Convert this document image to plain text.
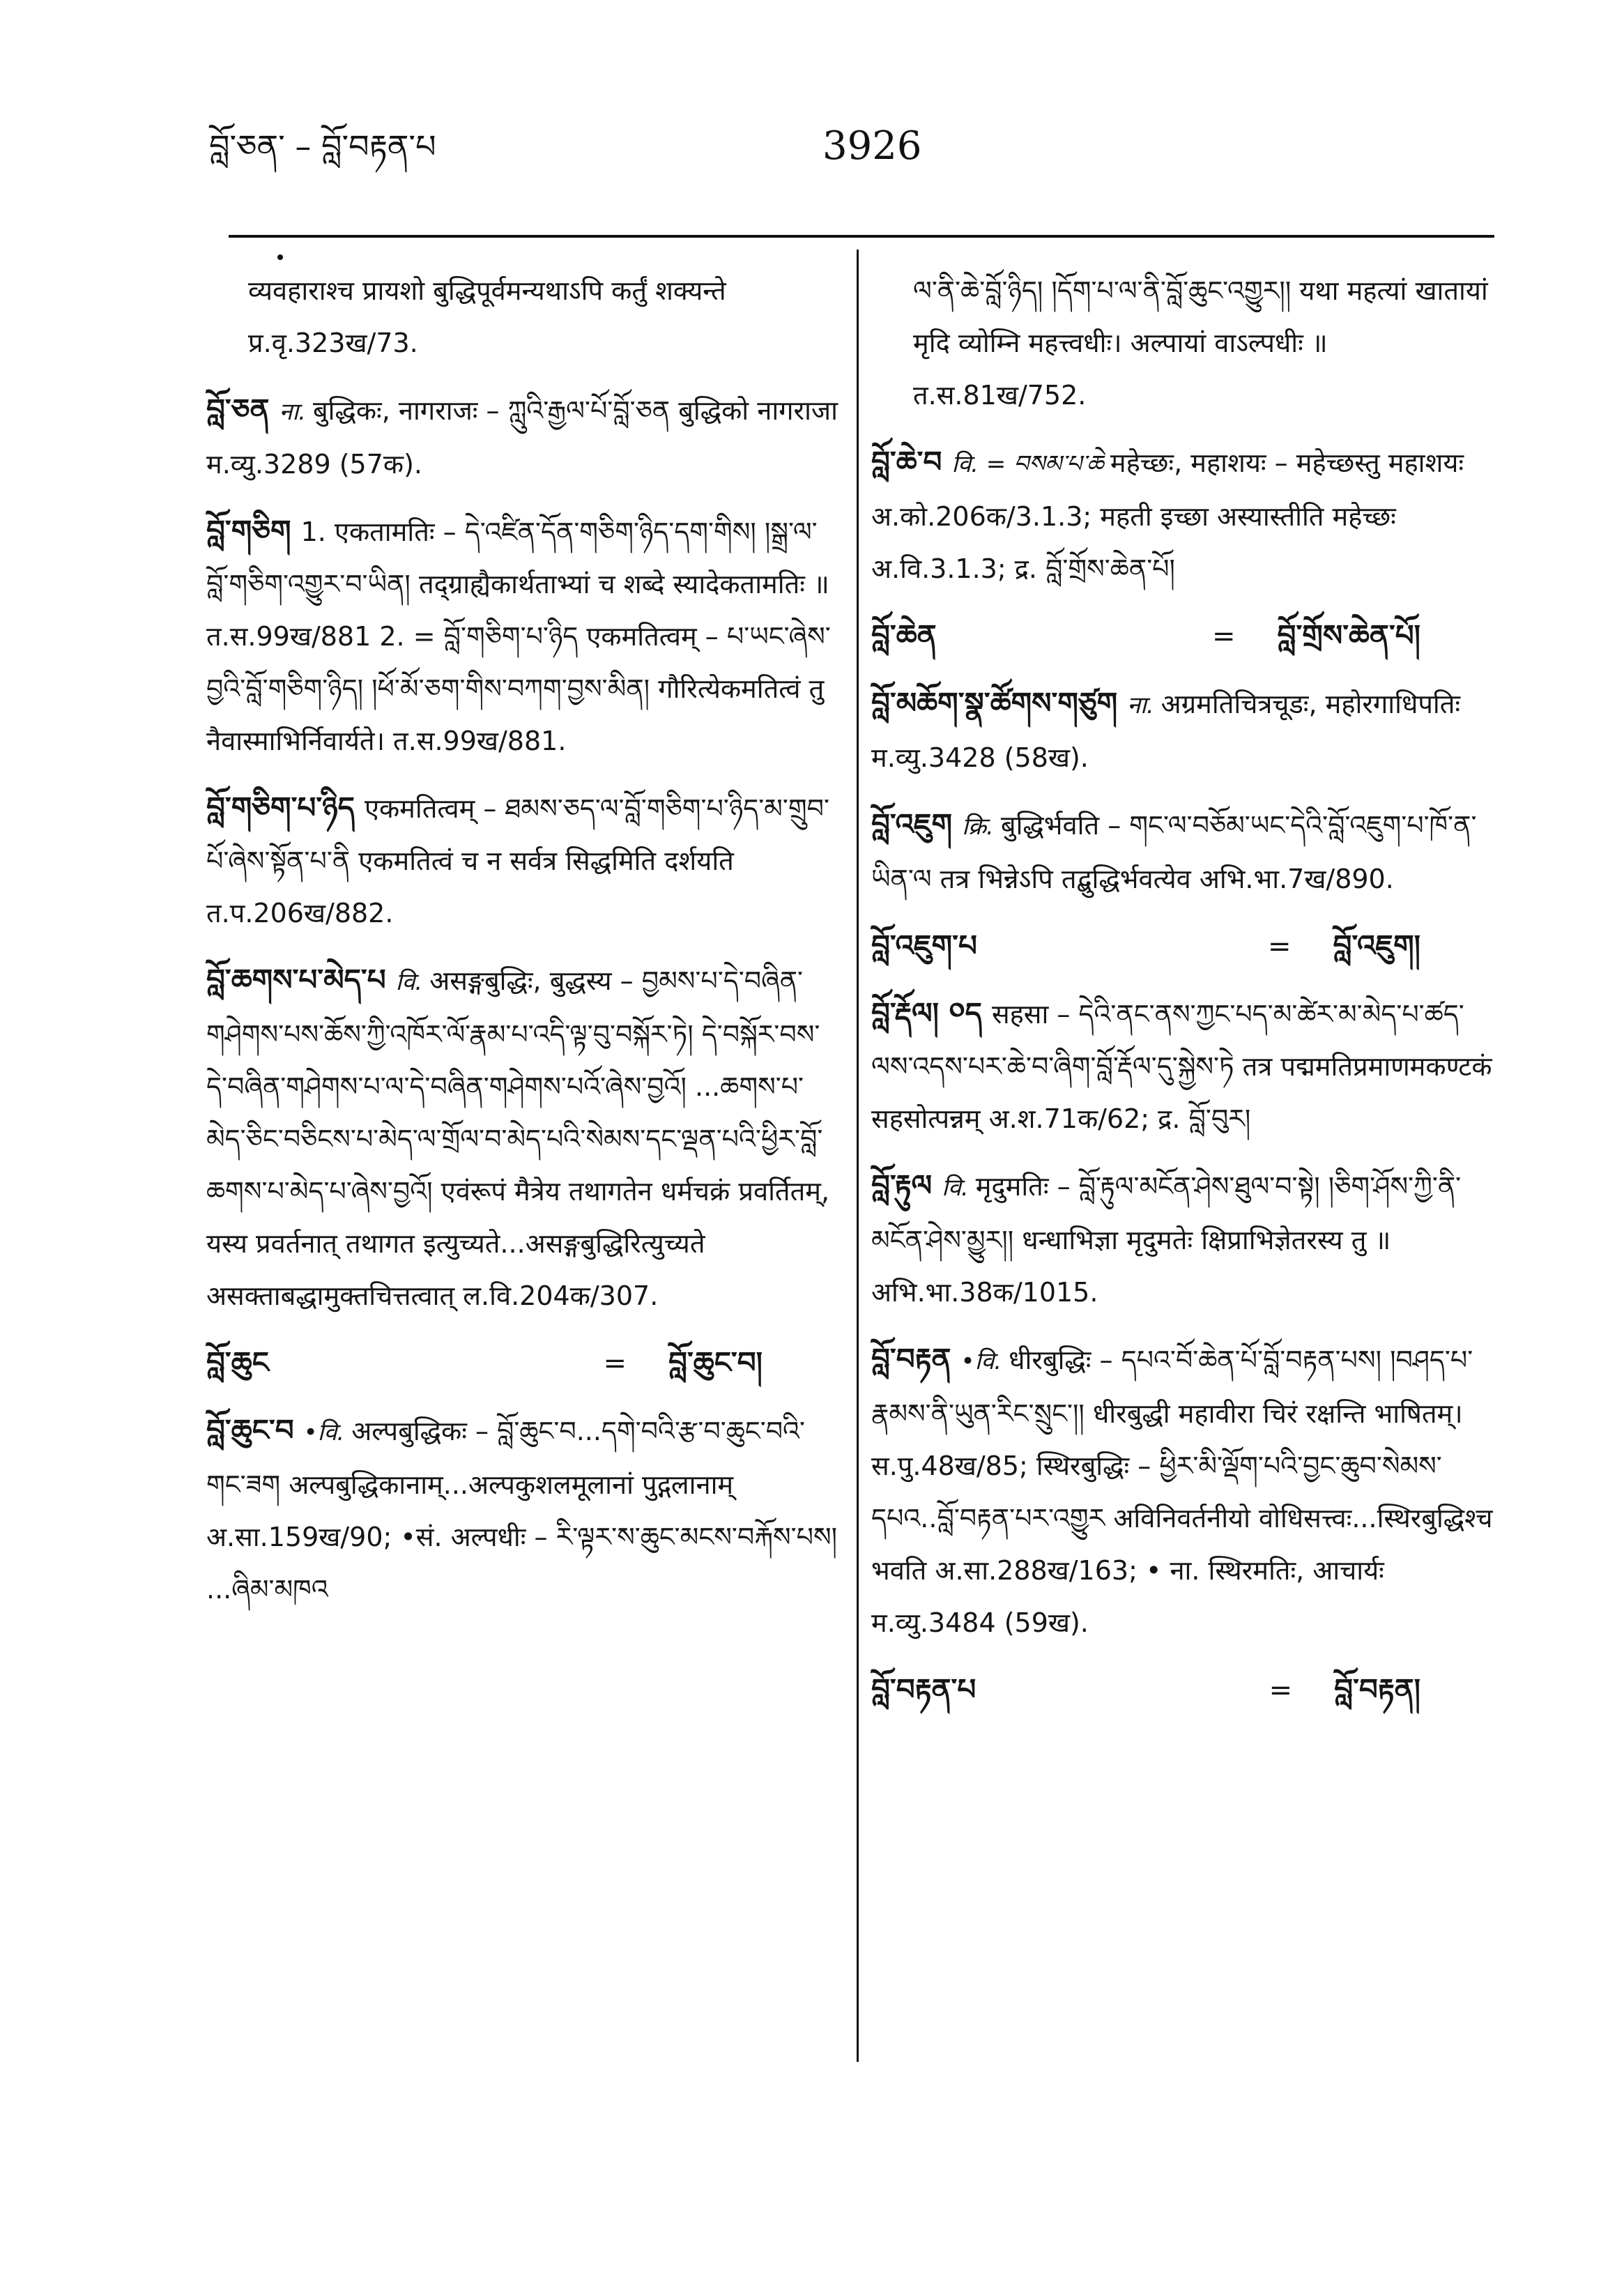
བློ་ཅན་ – བློ་བརྟན་པ	3926
व्यवहाराश्च प्रायशो बुद्धिपूर्वमन्यथाऽपि कर्तुं शक्यन्ते प्र.वृ.323ख/73.
བློ་ཅན ना. बुद्धिकः, नागराजः – ཀླུའི་རྒྱལ་པོ་བློ་ཅན बुद्धिको नागराजा म.व्यु.3289 (57क).
བློ་གཅིག 1. एकतामतिः – དེ་འཛིན་དོན་གཅིག་ཉིད་དག་གིས། །སྒྲ་ལ་བློ་གཅིག་འགྱུར་བ་ཡིན། तद्ग्राह्यैकार्थताभ्यां च शब्दे स्यादेकतामतिः ॥ त.स.99ख/881 2. = བློ་གཅིག་པ་ཉིད एकमतित्वम् – པ་ཡང་ཞེས་བྱའི་བློ་གཅིག་ཉིད། །ཕོ་མོ་ཅག་གིས་བཀག་བྱས་མིན། गौरित्येकमतित्वं तु नैवास्माभिर्निवार्यते। त.स.99ख/881.
བློ་གཅིག་པ་ཉིད एकमतित्वम् – ཐམས་ཅད་ལ་བློ་གཅིག་པ་ཉིད་མ་གྲུབ་པོ་ཞེས་སྟོན་པ་ནི एकमतित्वं च न सर्वत्र सिद्धमिति दर्शयति त.प.206ख/882.
བློ་ཆགས་པ་མེད་པ वि. असङ्गबुद्धिः, बुद्धस्य – བྱམས་པ་དེ་བཞིན་གཤེགས་པས་ཆོས་ཀྱི་འཁོར་ལོ་རྣམ་པ་འདི་ལྟ་བུ་བསྐོར་ཏེ། དེ་བསྐོར་བས་དེ་བཞིན་གཤེགས་པ་ལ་དེ་བཞིན་གཤེགས་པའོ་ཞེས་བྱའོ། ...ཆགས་པ་མེད་ཅིང་བཅིངས་པ་མེད་ལ་གྲོལ་བ་མེད་པའི་སེམས་དང་ལྡན་པའི་ཕྱིར་བློ་ཆགས་པ་མེད་པ་ཞེས་བྱའོ། एवंरूपं मैत्रेय तथागतेन धर्मचक्रं प्रवर्तितम्, यस्य प्रवर्तनात् तथागत इत्युच्यते...असङ्गबुद्धिरित्युच्यते असक्ताबद्धामुक्तचित्तत्वात् ल.वि.204क/307.
བློ་ཆུང	= བློ་ཆུང་བ།
བློ་ཆུང་བ •वि. अल्पबुद्धिकः – བློ་ཆུང་བ...དགེ་བའི་རྩ་བ་ཆུང་བའི་གང་ཟག अल्पबुद्धिकानाम्...अल्पकुशलमूलानां पुद्गलानाम् अ.सा.159ख/90; •सं. अल्पधीः – རི་ལྟར་ས་ཆུང་མངས་བརྐོས་པས། ...ཞིམ་མཁའ
ལ་ནི་ཆེ་བློ་ཉིད། །དོག་པ་ལ་ནི་བློ་ཆུང་འགྱུར།། यथा महत्यां खातायां मृदि व्योम्नि महत्त्वधीः। अल्पायां वाऽल्पधीः ॥ त.स.81ख/752.
བློ་ཆེ་བ वि. = བསམ་པ་ཆེ महेच्छः, महाशयः – महेच्छस्तु महाशयः अ.को.206क/3.1.3; महती इच्छा अस्यास्तीति महेच्छः अ.वि.3.1.3; द्र. བློ་གྲོས་ཆེན་པོ།
བློ་ཆེན	= བློ་གྲོས་ཆེན་པོ།
བློ་མཆོག་སྣ་ཚོགས་གཙུག ना. अग्रमतिचित्रचूडः, महोरगाधिपतिः म.व्यु.3428 (58ख).
བློ་འཇུག क्रि. बुद्धिर्भवति – གང་ལ་བཅོམ་ཡང་དེའི་བློ་འཇུག་པ་ཁོ་ན་ཡིན་ལ तत्र भिन्नेऽपि तद्बुद्धिर्भवत्येव अभि.भा.7ख/890.
བློ་འཇུག་པ	= བློ་འཇུག།
བློ་རྡོལ། ༠ད सहसा – དེའི་ནང་ནས་ཀྱང་པད་མ་ཚེར་མ་མེད་པ་ཚད་ལས་འདས་པར་ཆེ་བ་ཞིག་བློ་རྡོལ་དུ་སྐྱེས་ཏེ तत्र पद्ममतिप्रमाणमकण्टकं सहसोत्पन्नम् अ.श.71क/62; द्र. བློ་བུར།
བློ་རྟུལ वि. मृदुमतिः – བློ་རྟུལ་མངོན་ཤེས་ཐུལ་བ་སྟེ། །ཅིག་ཤོས་ཀྱི་ནི་མངོན་ཤེས་མྱུར།། धन्धाभिज्ञा मृदुमतेः क्षिप्राभिज्ञेतरस्य तु ॥ अभि.भा.38क/1015.
བློ་བརྟན •वि. धीरबुद्धिः – དཔའ་བོ་ཆེན་པོ་བློ་བརྟན་པས། །བཤད་པ་རྣམས་ནི་ཡུན་རིང་སྲུང་།། धीरबुद्धी महावीरा चिरं रक्षन्ति भाषितम्। स.पु.48ख/85; स्थिरबुद्धिः – ཕྱིར་མི་ལྡོག་པའི་བྱང་ཆུབ་སེམས་དཔའ..བློ་བརྟན་པར་འགྱུར अविनिवर्तनीयो वोधिसत्त्वः...स्थिरबुद्धिश्च भवति अ.सा.288ख/163; • ना. स्थिरमतिः, आचार्यः म.व्यु.3484 (59ख).
བློ་བརྟན་པ	= བློ་བརྟན།
